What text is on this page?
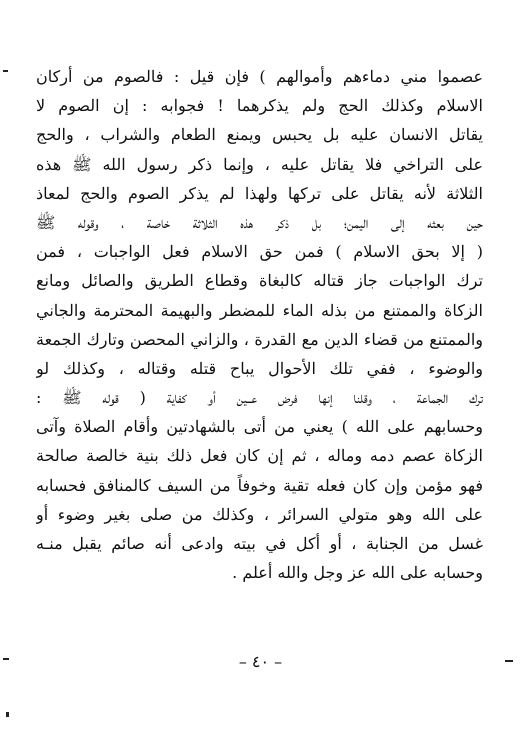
عصموا مني دماءهم وأموالهم ) فإن قيل : فالصوم من أركان
الاسلام وكذلك الحج ولم يذكرهما ! فجوابه : إن الصوم لا
يقاتل الانسان عليه بل يحبس ويمنع الطعام والشراب ، والحج
على التراخي فلا يقاتل عليه ، وإنما ذكر رسول الله ﷺ هذه
الثلاثة لأنه يقاتل على تركها ولهذا لم يذكر الصوم والحج لمعاذ
حين بعثه إلى اليمن؛ بل ذكر هذه الثلاثة خاصة ، وقوله ﷺ
( إلا بحق الاسلام ) فمن حق الاسلام فعل الواجبات ، فمن
ترك الواجبات جاز قتاله كالبغاة وقطاع الطريق والصائل ومانع
الزكاة والممتنع من بذله الماء للمضطر والبهيمة المحترمة والجاني
والممتنع من قضاء الدين مع القدرة ، والزاني المحصن وتارك الجمعة
والوضوء ، ففي تلك الأحوال يباح قتله وقتاله ، وكذلك لو
ترك الجماعة ، وقلنا إنها فرض عــين أو كفاية ( قوله ﷺ :
وحسابهم على الله ) يعني من أتى بالشهادتين وأقام الصلاة وآتى
الزكاة عصم دمه وماله ، ثم إن كان فعل ذلك بنية خالصة صالحة
فهو مؤمن وإن كان فعله تقية وخوفاً من السيف كالمنافق فحسابه
على الله وهو متولي السرائر ، وكذلك من صلى بغير وضوء أو
غسل من الجنابة ، أو أكل في بيته وادعى أنه صائم يقبل منـه
وحسابه على الله عز وجل والله أعلم .
– ٤٠ –
